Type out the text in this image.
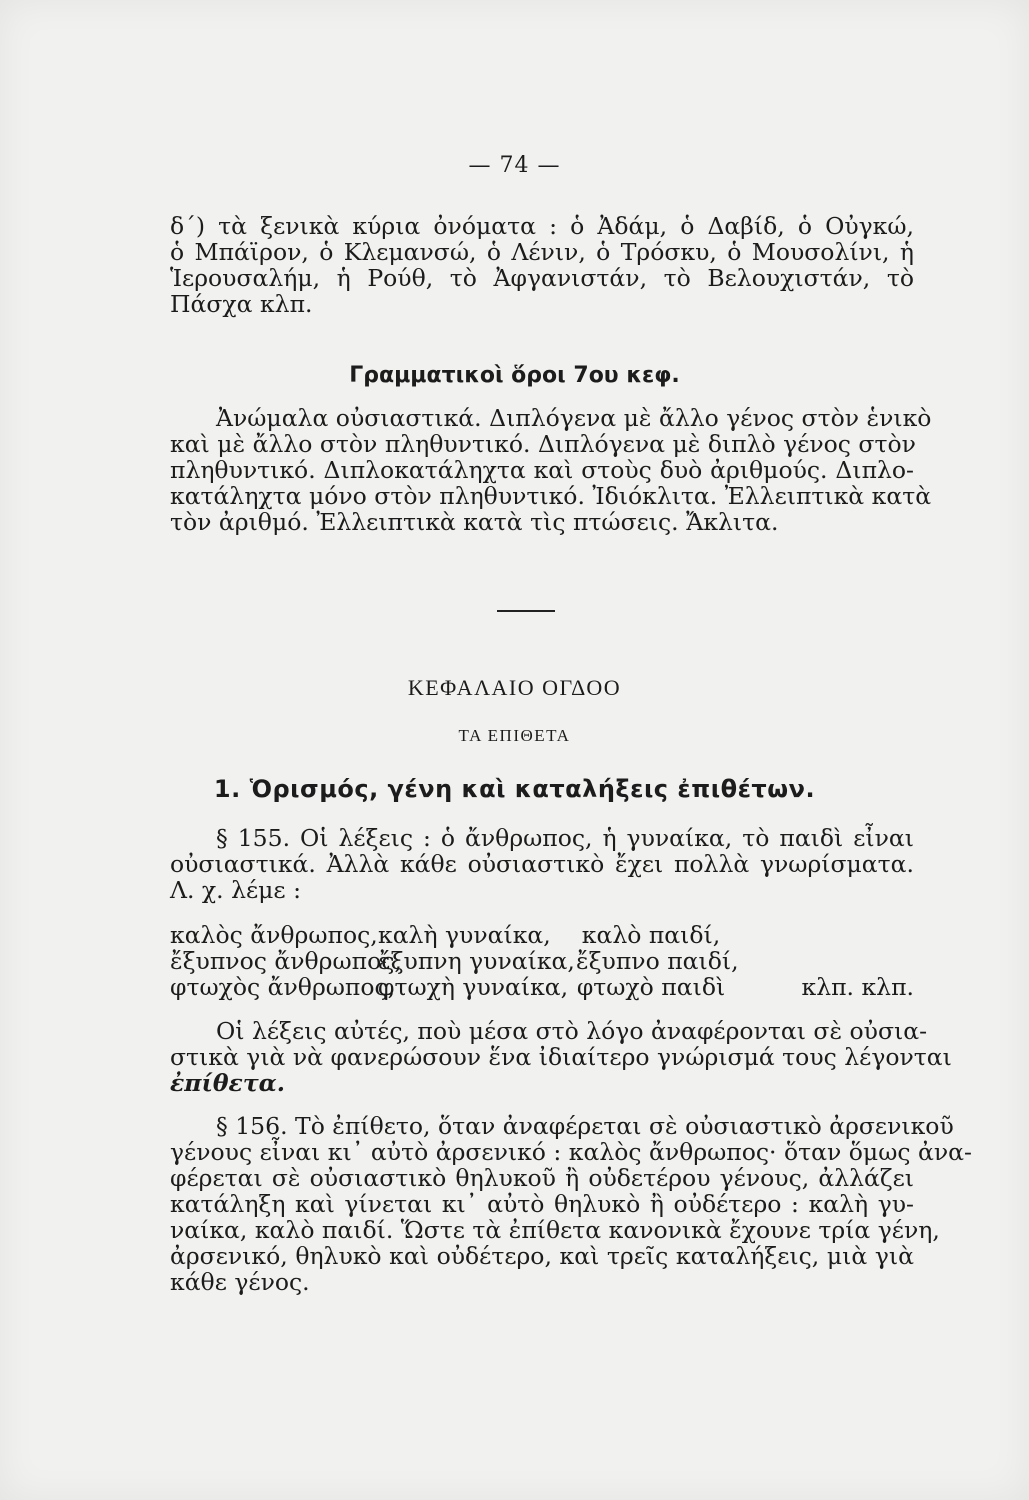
— 74 —
δ΄) τὰ ξενικὰ κύρια ὀνόματα : ὁ Ἀδάμ, ὁ Δαβίδ, ὁ Οὐγκώ,
ὁ Μπάϊρον, ὁ Κλεμανσώ, ὁ Λένιν, ὁ Τρόσκυ, ὁ Μουσολίνι, ἡ
Ἱερουσαλήμ, ἡ Ρούθ, τὸ Ἀφγανιστάν, τὸ Βελουχιστάν, τὸ
Πάσχα κλπ.
Γραμματικοὶ ὅροι 7ου κεφ.
Ἀνώμαλα οὐσιαστικά. Διπλόγενα μὲ ἄλλο γένος στὸν ἑνικὸ
καὶ μὲ ἄλλο στὸν πληθυντικό. Διπλόγενα μὲ διπλὸ γένος στὸν
πληθυντικό. Διπλοκατάληχτα καὶ στοὺς δυὸ ἀριθμούς. Διπλο-
κατάληχτα μόνο στὸν πληθυντικό. Ἰδιόκλιτα. Ἐλλειπτικὰ κατὰ
τὸν ἀριθμό. Ἐλλειπτικὰ κατὰ τὶς πτώσεις. Ἄκλιτα.
ΚΕΦΑΛΑΙΟ ΟΓΔΟΟ
ΤΑ ΕΠΙΘΕΤΑ
1. Ὁρισμός, γένη καὶ καταλήξεις ἐπιθέτων.
§ 155. Οἱ λέξεις : ὁ ἄνθρωπος, ἡ γυναίκα, τὸ παιδὶ εἶναι
οὐσιαστικά. Ἀλλὰ κάθε οὐσιαστικὸ ἔχει πολλὰ γνωρίσματα.
Λ. χ. λέμε :
καλὸς ἄνθρωπος, καλὴ γυναίκα,	καλὸ παιδί,
ἔξυπνος ἄνθρωπος,
ἔξυπνη γυναίκα, ἔξυπνο παιδί,
φτωχὸς ἄνθρωπος,
φτωχὴ γυναίκα, φτωχὸ παιδὶ	κλπ. κλπ.
Οἱ λέξεις αὐτές, ποὺ μέσα στὸ λόγο ἀναφέρονται σὲ οὐσια-
στικὰ γιὰ νὰ φανερώσουν ἕνα ἰδιαίτερο γνώρισμά τους λέγονται
ἐπίθετα.
§ 156. Τὸ ἐπίθετο, ὅταν ἀναφέρεται σὲ οὐσιαστικὸ ἀρσενικοῦ
γένους εἶναι κι᾽ αὐτὸ ἀρσενικό : καλὸς ἄνθρωπος· ὅταν ὅμως ἀνα-
φέρεται σὲ οὐσιαστικὸ θηλυκοῦ ἢ οὐδετέρου γένους, ἀλλάζει
κατάληξη καὶ γίνεται κι᾽ αὐτὸ θηλυκὸ ἢ οὐδέτερο : καλὴ γυ-
ναίκα, καλὸ παιδί. Ὥστε τὰ ἐπίθετα κανονικὰ ἔχουνε τρία γένη,
ἀρσενικό, θηλυκὸ καὶ οὐδέτερο, καὶ τρεῖς καταλήξεις, μιὰ γιὰ
κάθε γένος.
